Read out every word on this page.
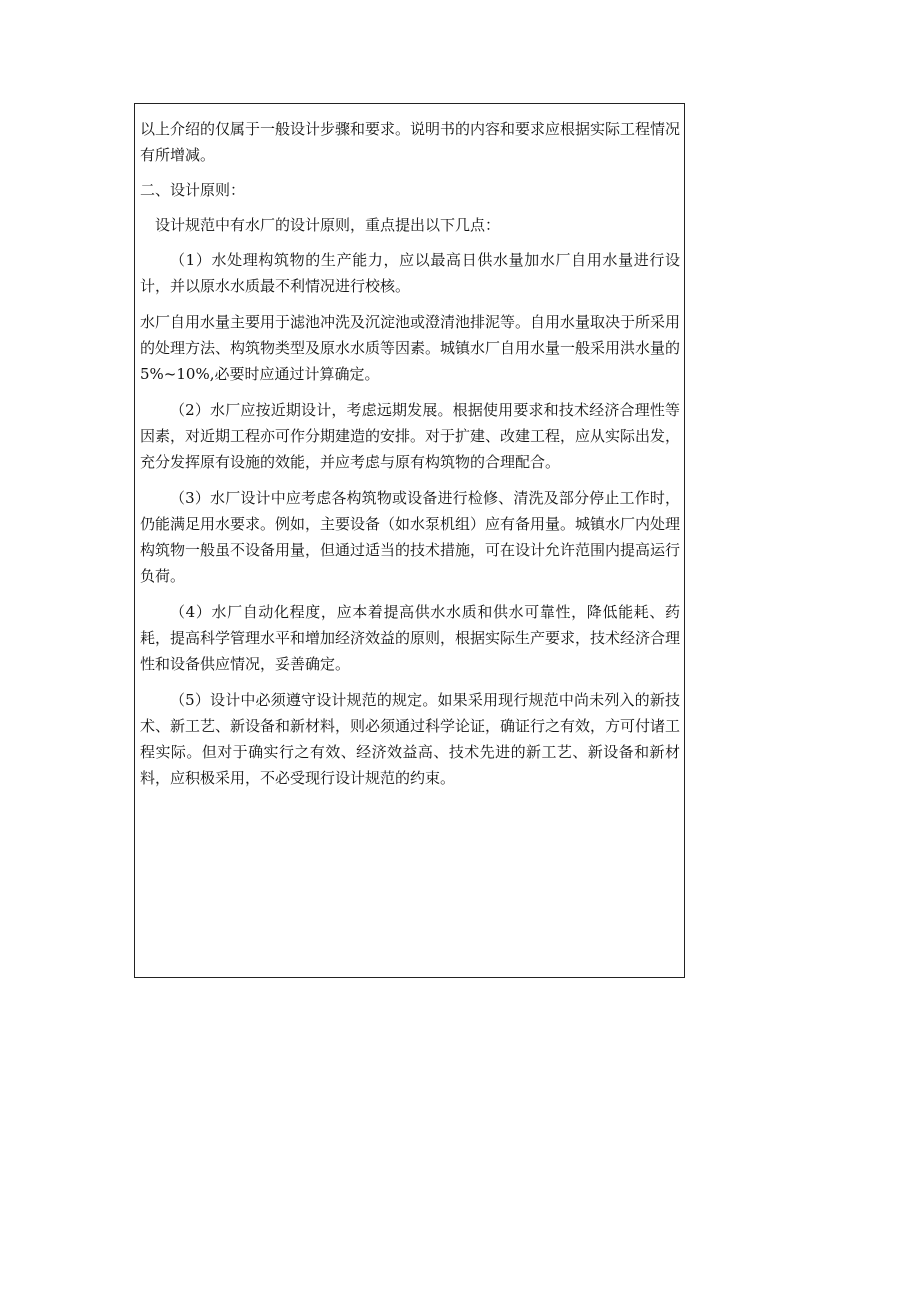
以上介绍的仅属于一般设计步骤和要求。说明书的内容和要求应根据实际工程情况有所增减。

二、设计原则：

设计规范中有水厂的设计原则，重点提出以下几点：

（1）水处理构筑物的生产能力，应以最高日供水量加水厂自用水量进行设计，并以原水水质最不利情况进行校核。

水厂自用水量主要用于滤池冲洗及沉淀池或澄清池排泥等。自用水量取决于所采用的处理方法、构筑物类型及原水水质等因素。城镇水厂自用水量一般采用洪水量的5%~10%,必要时应通过计算确定。

（2）水厂应按近期设计，考虑远期发展。根据使用要求和技术经济合理性等因素，对近期工程亦可作分期建造的安排。对于扩建、改建工程，应从实际出发，充分发挥原有设施的效能，并应考虑与原有构筑物的合理配合。

（3）水厂设计中应考虑各构筑物或设备进行检修、清洗及部分停止工作时，仍能满足用水要求。例如，主要设备（如水泵机组）应有备用量。城镇水厂内处理构筑物一般虽不设备用量，但通过适当的技术措施，可在设计允许范围内提高运行负荷。

（4）水厂自动化程度，应本着提高供水水质和供水可靠性，降低能耗、药耗，提高科学管理水平和增加经济效益的原则，根据实际生产要求，技术经济合理性和设备供应情况，妥善确定。

（5）设计中必须遵守设计规范的规定。如果采用现行规范中尚未列入的新技术、新工艺、新设备和新材料，则必须通过科学论证，确证行之有效，方可付诸工程实际。但对于确实行之有效、经济效益高、技术先进的新工艺、新设备和新材料，应积极采用，不必受现行设计规范的约束。
